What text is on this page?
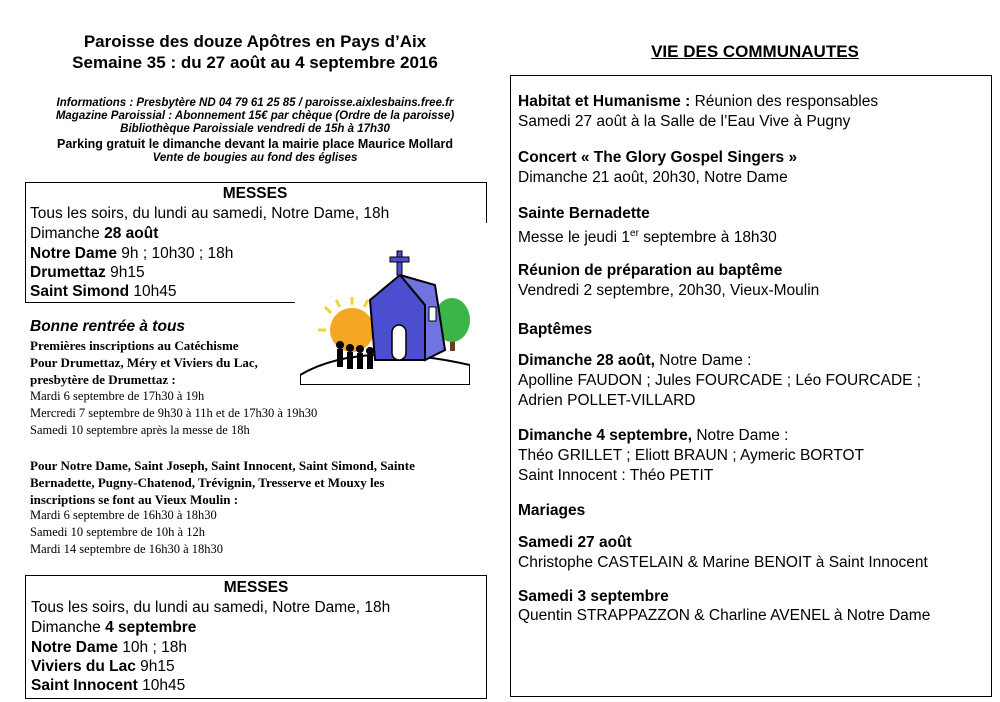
Paroisse des douze Apôtres en Pays d’Aix
Semaine 35 : du 27 août au 4 septembre 2016
Informations : Presbytère ND 04 79 61 25 85 / paroisse.aixlesbains.free.fr
Magazine Paroissial : Abonnement 15€ par chèque (Ordre de la paroisse)
Bibliothèque Paroissiale vendredi de 15h à 17h30
Parking gratuit le dimanche devant la mairie place Maurice Mollard
Vente de bougies au fond des églises
MESSES
Tous les soirs, du lundi au samedi, Notre Dame, 18h
Dimanche 28 août
Notre Dame 9h ; 10h30 ; 18h
Drumettaz 9h15
Saint Simond 10h45
Bonne rentrée à tous
Premières inscriptions au Catéchisme
Pour Drumettaz, Méry et Viviers du Lac,
presbytère de Drumettaz :
Mardi 6 septembre de 17h30 à 19h
Mercredi 7 septembre de 9h30 à 11h et de 17h30 à 19h30
Samedi 10 septembre après la messe de 18h
Pour Notre Dame, Saint Joseph, Saint Innocent, Saint Simond, Sainte
Bernadette, Pugny-Chatenod, Trévignin, Tresserve et Mouxy les
inscriptions se font au Vieux Moulin :
Mardi 6 septembre de 16h30 à 18h30
Samedi 10 septembre de 10h à 12h
Mardi 14 septembre de 16h30 à 18h30
MESSES
Tous les soirs, du lundi au samedi, Notre Dame, 18h
Dimanche 4 septembre
Notre Dame 10h ; 18h
Viviers du Lac 9h15
Saint Innocent 10h45
VIE DES COMMUNAUTES
Habitat et Humanisme : Réunion des responsables
Samedi 27 août à la Salle de l’Eau Vive à Pugny
Concert « The Glory Gospel Singers »
Dimanche 21 août, 20h30, Notre Dame
Sainte Bernadette
Messe le jeudi 1er septembre à 18h30
Réunion de préparation au baptême
Vendredi 2 septembre, 20h30, Vieux-Moulin
Baptêmes
Dimanche 28 août, Notre Dame :
Apolline FAUDON ; Jules FOURCADE ; Léo FOURCADE ;
Adrien POLLET-VILLARD
Dimanche 4 septembre, Notre Dame :
Théo GRILLET ; Eliott BRAUN ; Aymeric BORTOT
Saint Innocent : Théo PETIT
Mariages
Samedi 27 août
Christophe CASTELAIN & Marine BENOIT à Saint Innocent
Samedi 3 septembre
Quentin STRAPPAZZON & Charline AVENEL à Notre Dame
